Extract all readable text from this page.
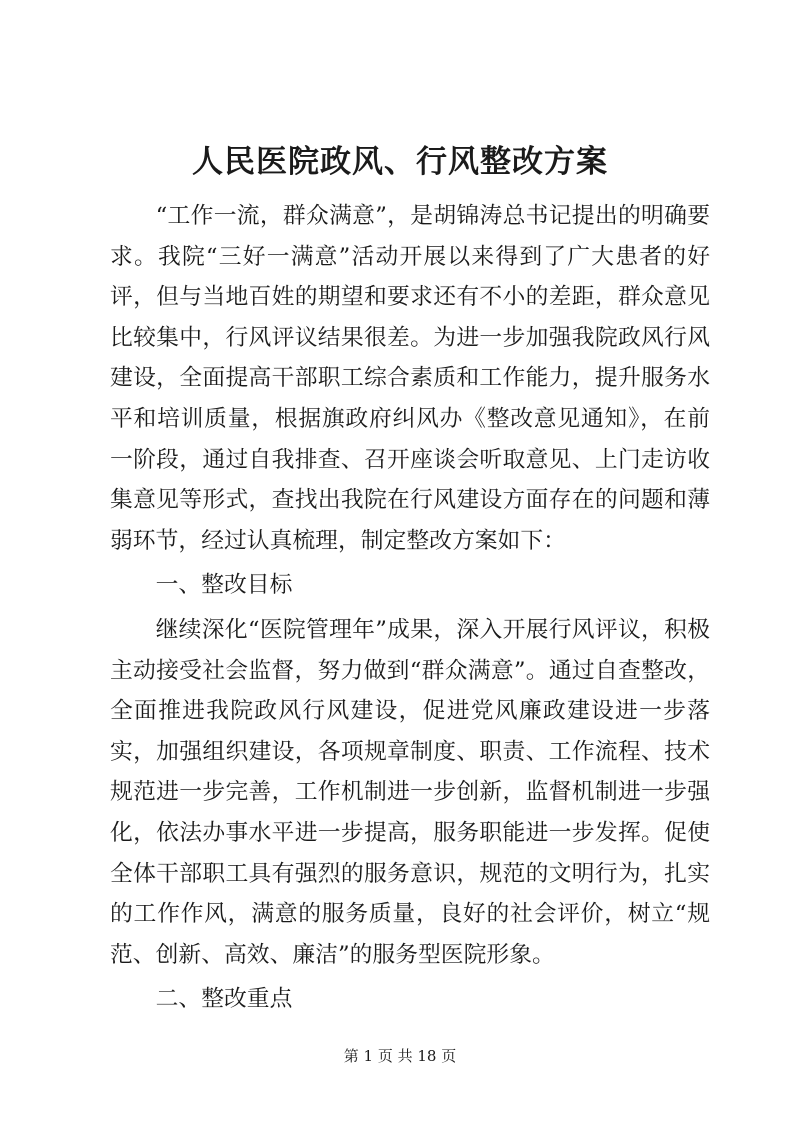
人民医院政风、行风整改方案

“工作一流，群众满意”，是胡锦涛总书记提出的明确要求。我院“三好一满意”活动开展以来得到了广大患者的好评，但与当地百姓的期望和要求还有不小的差距，群众意见比较集中，行风评议结果很差。为进一步加强我院政风行风建设，全面提高干部职工综合素质和工作能力，提升服务水平和培训质量，根据旗政府纠风办《整改意见通知》，在前一阶段，通过自我排查、召开座谈会听取意见、上门走访收集意见等形式，查找出我院在行风建设方面存在的问题和薄弱环节，经过认真梳理，制定整改方案如下：

一、整改目标

继续深化“医院管理年”成果，深入开展行风评议，积极主动接受社会监督，努力做到“群众满意”。通过自查整改，全面推进我院政风行风建设，促进党风廉政建设进一步落实，加强组织建设，各项规章制度、职责、工作流程、技术规范进一步完善，工作机制进一步创新，监督机制进一步强化，依法办事水平进一步提高，服务职能进一步发挥。促使全体干部职工具有强烈的服务意识，规范的文明行为，扎实的工作作风，满意的服务质量，良好的社会评价，树立“规范、创新、高效、廉洁”的服务型医院形象。

二、整改重点

第 1 页 共 18 页
